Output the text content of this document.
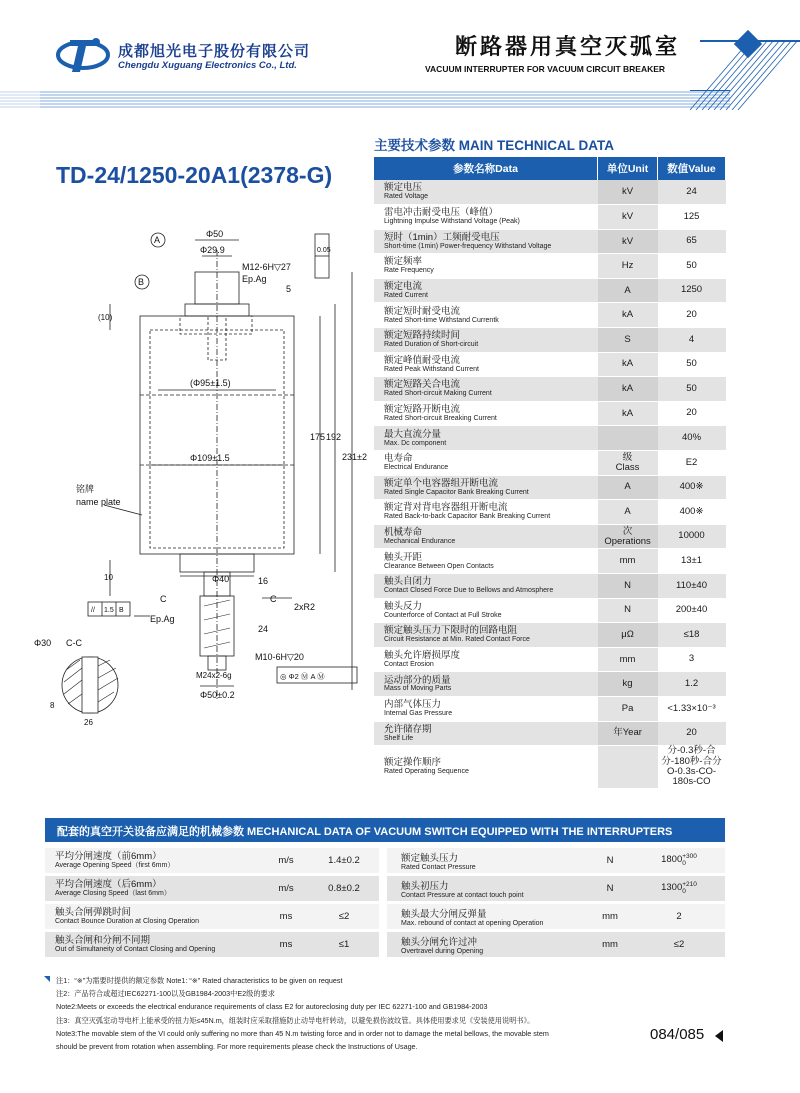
成都旭光电子股份有限公司
Chengdu Xuguang Electronics Co., Ltd.
断路器用真空灭弧室
VACUUM INTERRUPTER FOR VACUUM CIRCUIT BREAKER
TD-24/1250-20A1(2378-G)
A
B
Φ50
Φ29.9
M12-6H▽27
Ep.Ag
5
0.05
(10)
(Φ95±1.5)
Φ109±1.5
175 192
231±2
铭牌
name plate
Φ40
10	16
C	C
// 1.5 B
Ep.Ag
2xR2
24
M10-6H▽20
M24x2-6g
Φ50±0.2
◎ Φ2 Ⓜ A Ⓜ
C-C
Φ30
8
26
主要技术参数 MAIN TECHNICAL DATA
参数名称Data	单位Unit	数值Value

额定电压
Rated Voltage	kV	24

雷电冲击耐受电压（峰值）
Lightning Impulse Withstand Voltage (Peak)	kV	125

短时（1min）工频耐受电压
Short-time (1min) Power-frequency Withstand Voltage	kV	65

额定频率
Rate Frequency	Hz	50

额定电流
Rated Current	A	1250

额定短时耐受电流
Rated Short-time Withstand Currentk	kA	20

额定短路持续时间
Rated Duration of Short-circuit	S	4

额定峰值耐受电流
Rated Peak Withstand Current	kA	50

额定短路关合电流
Rated Short-circuit Making Current	kA	50

额定短路开断电流
Rated Short-circuit Breaking Current	kA	20

最大直流分量
Max. Dc component		40%

电寿命
Electrical Endurance	级
Class	E2

额定单个电容器组开断电流
Rated Single Capacitor Bank Breaking Current	A	400※

额定背对背电容器组开断电流
Rated Back-to-back Capacitor Bank Breaking Current	A	400※

机械寿命
Mechanical Endurance	次
Operations	10000

触头开距
Clearance Between Open Contacts	mm	13±1

触头自闭力
Contact Closed Force Due to Bellows and Atmosphere	N	110±40

触头反力
Counterforce of Contact at Full Stroke	N	200±40

额定触头压力下限时的回路电阻
Circuit Resistance at Min. Rated Contact Force	μΩ	≤18

触头允许磨损厚度
Contact Erosion	mm	3

运动部分的质量
Mass of Moving Parts	kg	1.2

内部气体压力
Internal Gas Pressure	Pa	<1.33×10⁻³

允许储存期
Shelf Life	年Year	20

额定操作顺序
Rated Operating Sequence		分-0.3秒-合分-180秒-合分
O-0.3s-CO-180s-CO
配套的真空开关设备应满足的机械参数 MECHANICAL DATA OF VACUUM SWITCH EQUIPPED WITH THE INTERRUPTERS
平均分闸速度（前6mm）
Average Opening Speed（first 6mm）	m/s	1.4±0.2		额定触头压力
Rated Contact Pressure	N	1800+300
0

平均合闸速度（后6mm）
Average Closing Speed（last 6mm）	m/s	0.8±0.2		触头初压力
Contact Pressure at contact touch point	N	1300+210
0

触头合闸弹跳时间
Contact Bounce Duration at Closing Operation	ms	≤2		触头最大分闸反弹量
Max. rebound of contact at opening Operation	mm	2

触头合闸和分闸不同期
Out of Simultaneity of Contact Closing and Opening	ms	≤1		触头分闸允许过冲
Overtravel during Opening	mm	≤2
注1：“※”为需要时提供的额定参数 Note1: “※” Rated characteristics to be given on request
注2：产品符合或超过IEC62271-100以及GB1984-2003中E2级的要求
Note2:Meets or exceeds the electrical endurance requirements of class E2 for autoreclosing duty per IEC 62271-100 and GB1984-2003
注3：真空灭弧室动导电杆上能承受的扭力矩≤45N.m，组装时应采取措施防止动导电杆转动，以避免损伤波纹管。具体使用要求见《安装使用说明书》。
Note3:The movable stem of the VI could only suffering no more than 45 N.m twisting force and in order not to damage the metal bellows, the movable stem
should be prevent from rotation when assembling. For more requirements please check the Instructions of Usage.
084/085
